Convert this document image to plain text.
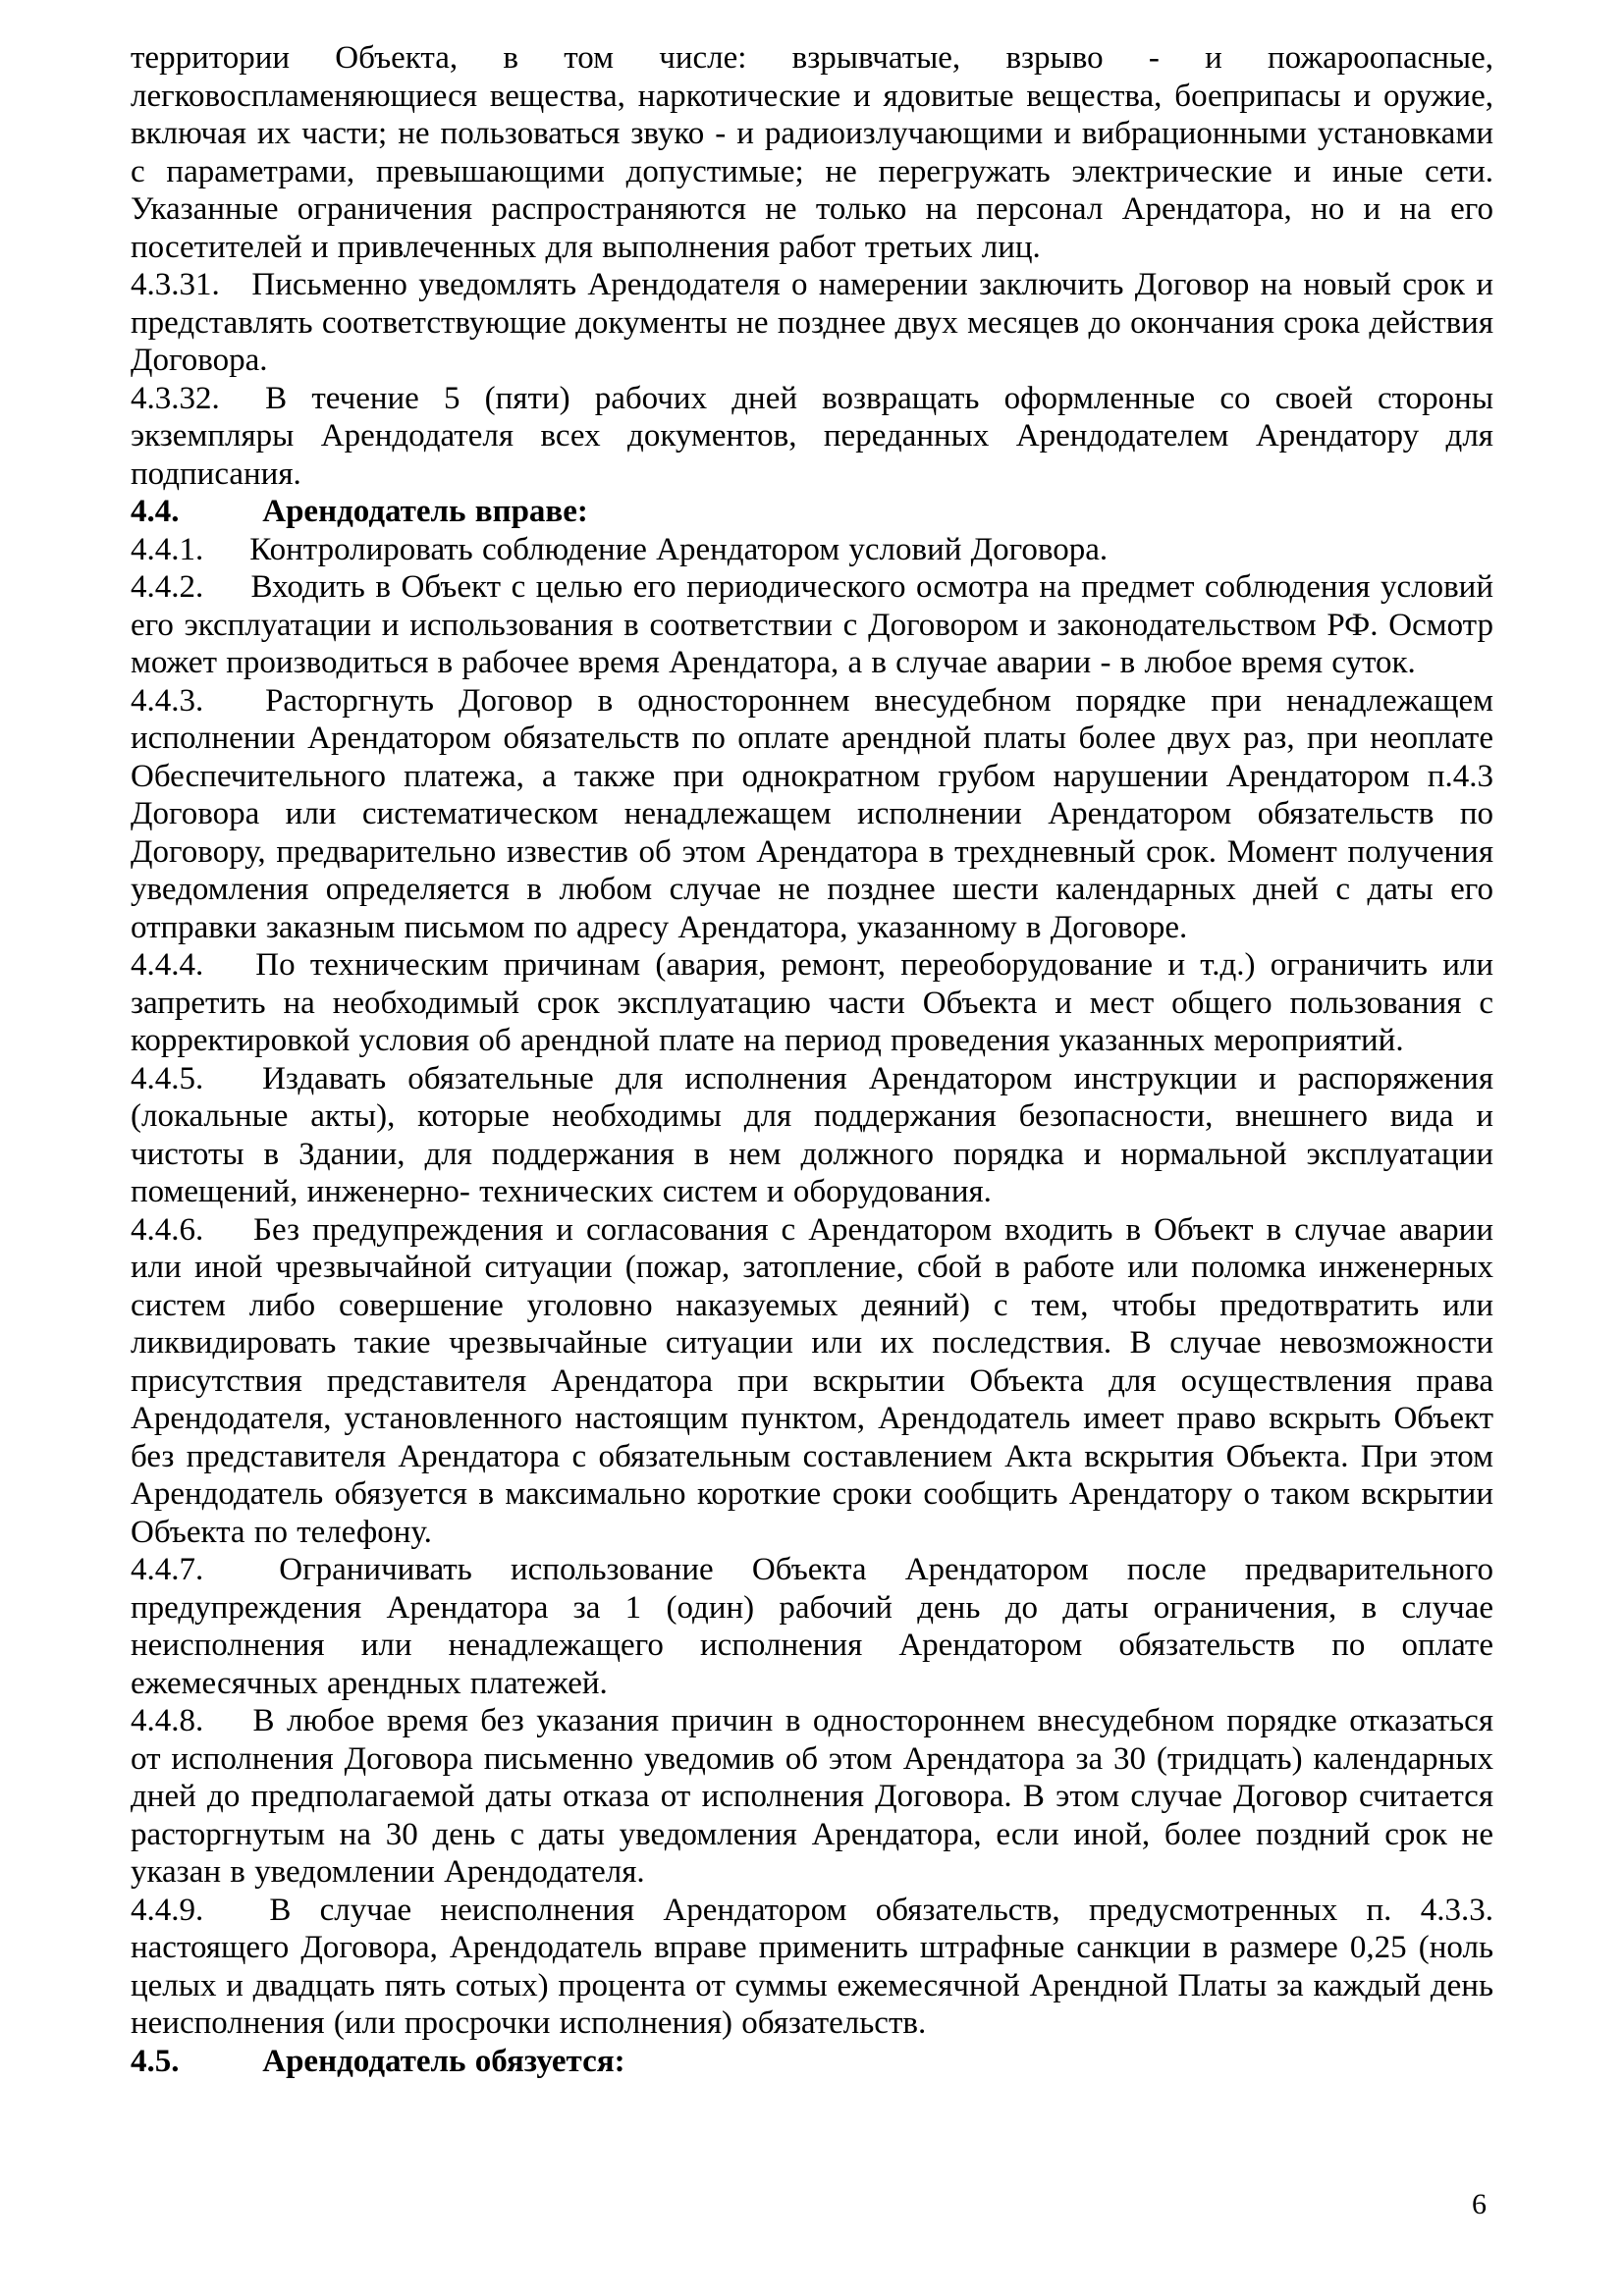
территории Объекта, в том числе: взрывчатые, взрыво - и пожароопасные, легковоспламеняющиеся вещества, наркотические и ядовитые вещества, боеприпасы и оружие, включая их части; не пользоваться звуко - и радиоизлучающими и вибрационными установками с параметрами, превышающими допустимые; не перегружать электрические и иные сети. Указанные ограничения распространяются не только на персонал Арендатора, но и на его посетителей и привлеченных для выполнения работ третьих лиц.

4.3.31. Письменно уведомлять Арендодателя о намерении заключить Договор на новый срок и представлять соответствующие документы не позднее двух месяцев до окончания срока действия Договора.

4.3.32. В течение 5 (пяти) рабочих дней возвращать оформленные со своей стороны экземпляры Арендодателя всех документов, переданных Арендодателем Арендатору для подписания.

4.4.	Арендодатель вправе:

4.4.1. Контролировать соблюдение Арендатором условий Договора.

4.4.2. Входить в Объект с целью его периодического осмотра на предмет соблюдения условий его эксплуатации и использования в соответствии с Договором и законодательством РФ. Осмотр может производиться в рабочее время Арендатора, а в случае аварии - в любое время суток.

4.4.3. Расторгнуть Договор в одностороннем внесудебном порядке при ненадлежащем исполнении Арендатором обязательств по оплате арендной платы более двух раз, при неоплате Обеспечительного платежа, а также при однократном грубом нарушении Арендатором п.4.3 Договора или систематическом ненадлежащем исполнении Арендатором обязательств по Договору, предварительно известив об этом Арендатора в трехдневный срок. Момент получения уведомления определяется в любом случае не позднее шести календарных дней с даты его отправки заказным письмом по адресу Арендатора, указанному в Договоре.

4.4.4. По техническим причинам (авария, ремонт, переоборудование и т.д.) ограничить или запретить на необходимый срок эксплуатацию части Объекта и мест общего пользования с корректировкой условия об арендной плате на период проведения указанных мероприятий.

4.4.5. Издавать обязательные для исполнения Арендатором инструкции и распоряжения (локальные акты), которые необходимы для поддержания безопасности, внешнего вида и чистоты в Здании, для поддержания в нем должного порядка и нормальной эксплуатации помещений, инженерно- технических систем и оборудования.

4.4.6. Без предупреждения и согласования с Арендатором входить в Объект в случае аварии или иной чрезвычайной ситуации (пожар, затопление, сбой в работе или поломка инженерных систем либо совершение уголовно наказуемых деяний) с тем, чтобы предотвратить или ликвидировать такие чрезвычайные ситуации или их последствия. В случае невозможности присутствия представителя Арендатора при вскрытии Объекта для осуществления права Арендодателя, установленного настоящим пунктом, Арендодатель имеет право вскрыть Объект без представителя Арендатора с обязательным составлением Акта вскрытия Объекта. При этом Арендодатель обязуется в максимально короткие сроки сообщить Арендатору о таком вскрытии Объекта по телефону.

4.4.7. Ограничивать использование Объекта Арендатором после предварительного предупреждения Арендатора за 1 (один) рабочий день до даты ограничения, в случае неисполнения или ненадлежащего исполнения Арендатором обязательств по оплате ежемесячных арендных платежей.

4.4.8. В любое время без указания причин в одностороннем внесудебном порядке отказаться от исполнения Договора письменно уведомив об этом Арендатора за 30 (тридцать) календарных дней до предполагаемой даты отказа от исполнения Договора. В этом случае Договор считается расторгнутым на 30 день с даты уведомления Арендатора, если иной, более поздний срок не указан в уведомлении Арендодателя.

4.4.9. В случае неисполнения Арендатором обязательств, предусмотренных п. 4.3.3. настоящего Договора, Арендодатель вправе применить штрафные санкции в размере 0,25 (ноль целых и двадцать пять сотых) процента от суммы ежемесячной Арендной Платы за каждый день неисполнения (или просрочки исполнения) обязательств.

4.5.	Арендодатель обязуется:

6
